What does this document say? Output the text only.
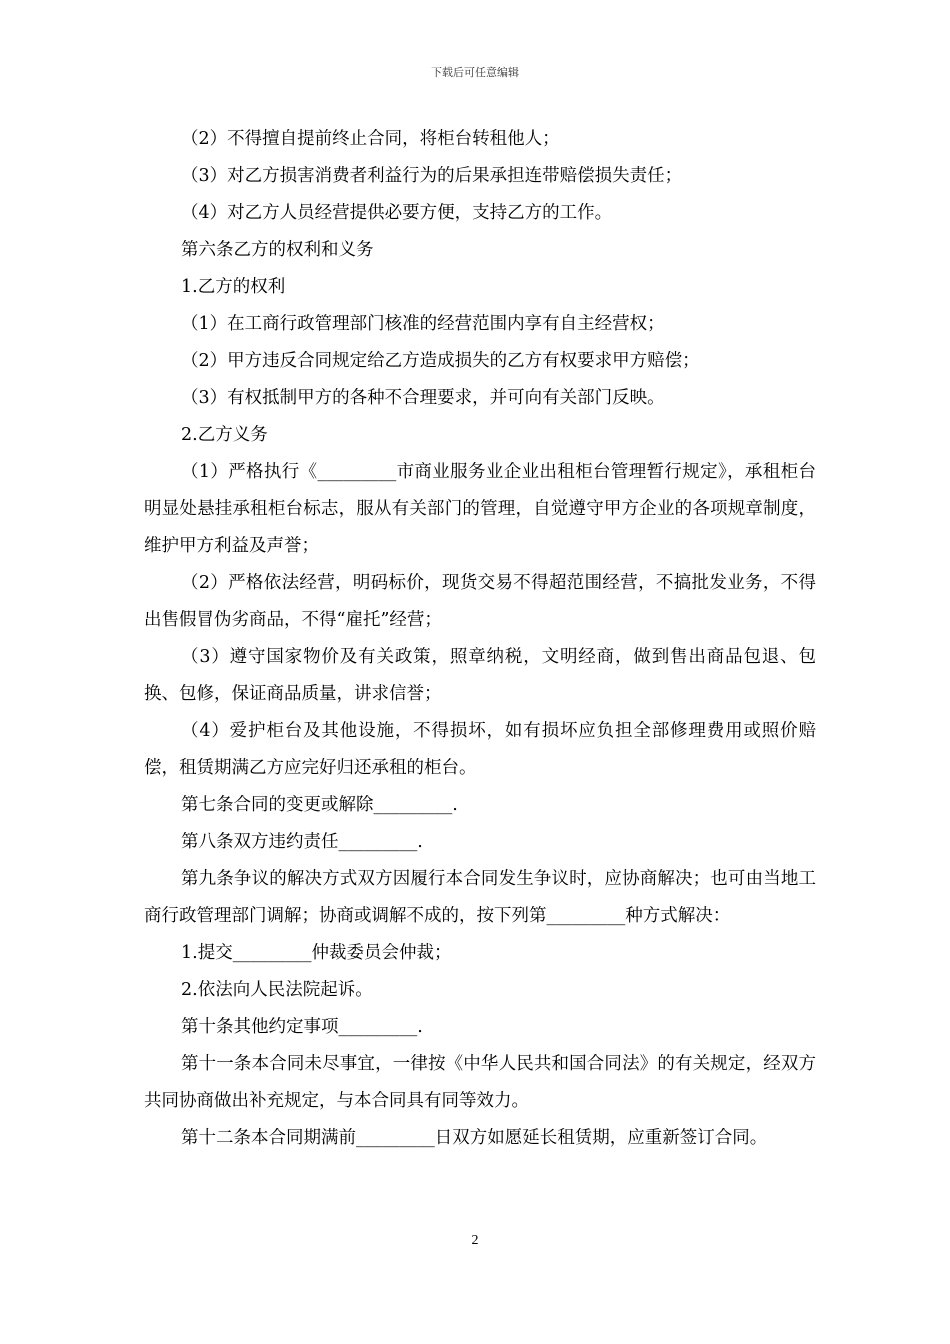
下载后可任意编辑

（2）不得擅自提前终止合同，将柜台转租他人；

（3）对乙方损害消费者利益行为的后果承担连带赔偿损失责任；

（4）对乙方人员经营提供必要方便，支持乙方的工作。

第六条乙方的权利和义务

1.乙方的权利

（1）在工商行政管理部门核准的经营范围内享有自主经营权；

（2）甲方违反合同规定给乙方造成损失的乙方有权要求甲方赔偿；

（3）有权抵制甲方的各种不合理要求，并可向有关部门反映。

2.乙方义务

（1）严格执行《_________市商业服务业企业出租柜台管理暂行规定》，承租柜台明显处悬挂承租柜台标志，服从有关部门的管理，自觉遵守甲方企业的各项规章制度，维护甲方利益及声誉；

（2）严格依法经营，明码标价，现货交易不得超范围经营，不搞批发业务，不得出售假冒伪劣商品，不得“雇托”经营；

（3）遵守国家物价及有关政策，照章纳税，文明经商，做到售出商品包退、包换、包修，保证商品质量，讲求信誉；

（4）爱护柜台及其他设施，不得损坏，如有损坏应负担全部修理费用或照价赔偿，租赁期满乙方应完好归还承租的柜台。

第七条合同的变更或解除_________.

第八条双方违约责任_________.

第九条争议的解决方式双方因履行本合同发生争议时，应协商解决；也可由当地工商行政管理部门调解；协商或调解不成的，按下列第_________种方式解决：

1.提交_________仲裁委员会仲裁；

2.依法向人民法院起诉。

第十条其他约定事项_________.

第十一条本合同未尽事宜，一律按《中华人民共和国合同法》的有关规定，经双方共同协商做出补充规定，与本合同具有同等效力。

第十二条本合同期满前_________日双方如愿延长租赁期，应重新签订合同。

2
